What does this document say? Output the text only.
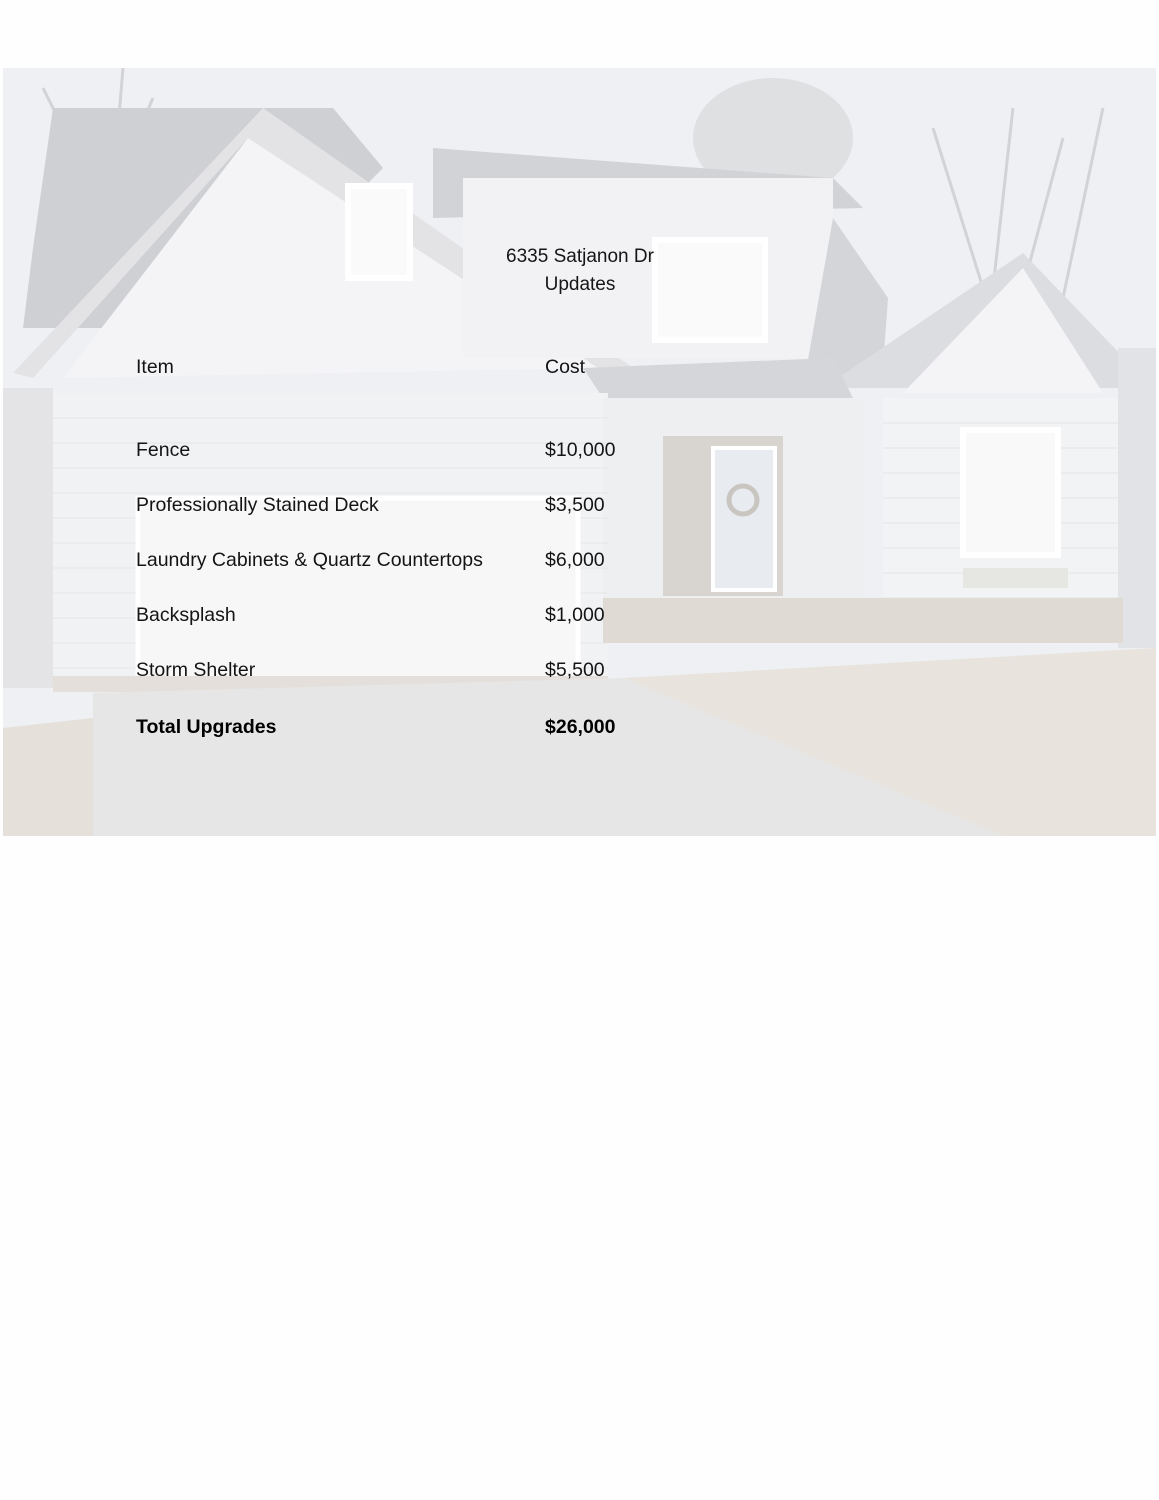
6335 Satjanon Dr
Updates
Item	Cost
Fence	$10,000
Professionally Stained Deck	$3,500
Laundry Cabinets & Quartz Countertops	$6,000
Backsplash	$1,000
Storm Shelter	$5,500
Total Upgrades	$26,000
